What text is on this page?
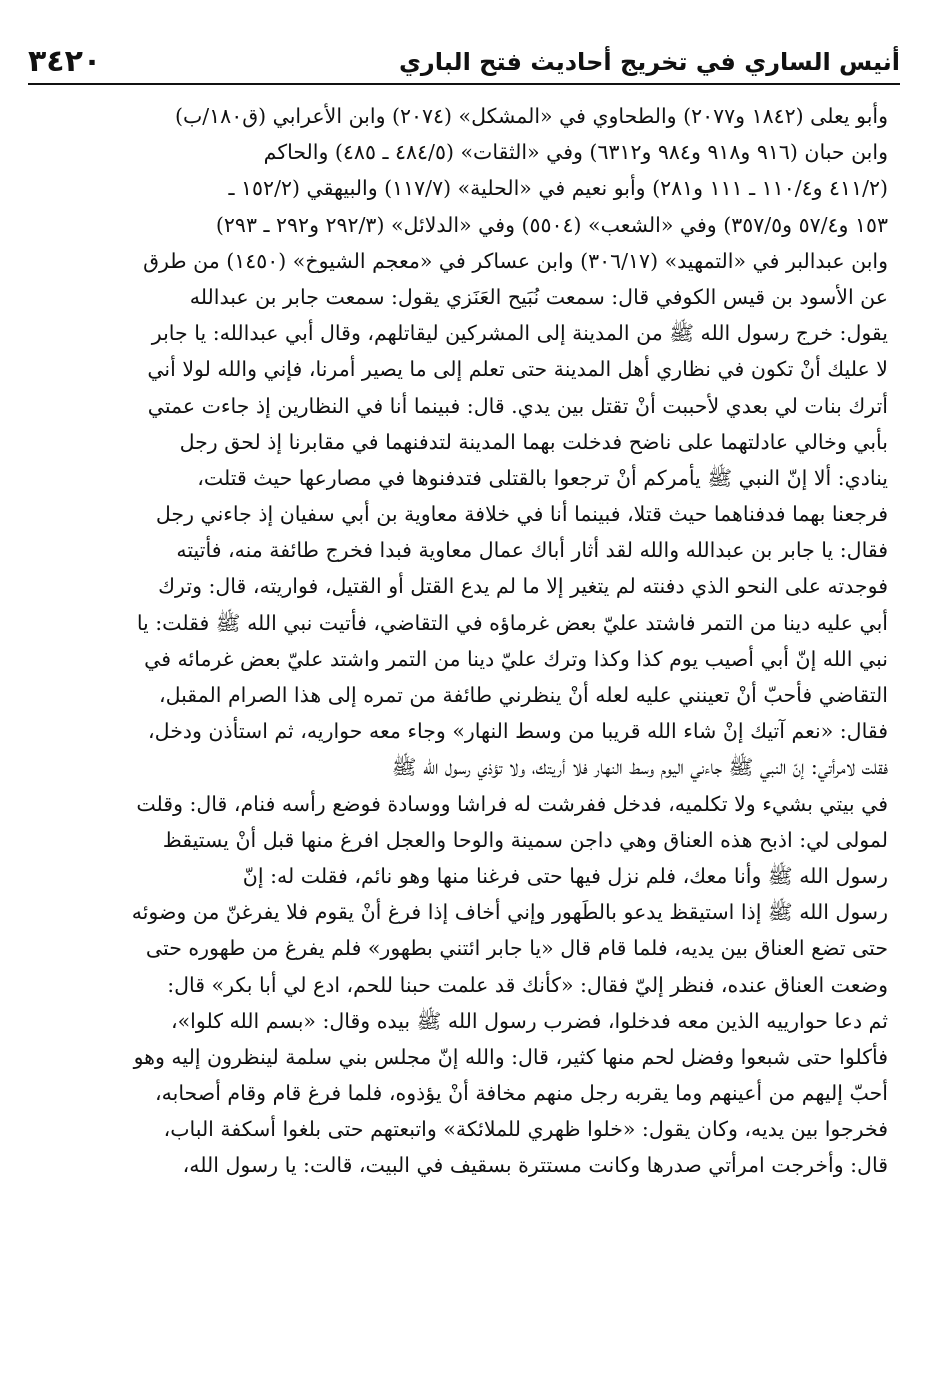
أنيس الساري في تخريج أحاديث فتح الباري
٣٤٢٠
وأبو يعلى (١٨٤٢ و٢٠٧٧) والطحاوي في «المشكل» (٢٠٧٤) وابن الأعرابي (ق١٨٠/ب)
وابن حبان (٩١٦ و٩١٨ و٩٨٤ و٦٣١٢) وفي «الثقات» (٤٨٤/٥ ـ ٤٨٥) والحاكم
(٤١١/٢ و١١٠/٤ ـ ١١١ و٢٨١) وأبو نعيم في «الحلية» (١١٧/٧) والبيهقي (١٥٢/٢ ـ
١٥٣ و٥٧/٤ و٣٥٧/٥) وفي «الشعب» (٥٥٠٤) وفي «الدلائل» (٢٩٢/٣ و٢٩٢ ـ ٢٩٣)
وابن عبدالبر في «التمهيد» (٣٠٦/١٧) وابن عساكر في «معجم الشيوخ» (١٤٥٠) من طرق
عن الأسود بن قيس الكوفي قال: سمعت نُبَيح العَنَزي يقول: سمعت جابر بن عبدالله
يقول: خرج رسول الله ﷺ من المدينة إلى المشركين ليقاتلهم، وقال أبي عبدالله: يا جابر
لا عليك أنْ تكون في نظاري أهل المدينة حتى تعلم إلى ما يصير أمرنا، فإني والله لولا أني
أترك بنات لي بعدي لأحببت أنْ تقتل بين يدي. قال: فبينما أنا في النظارين إذ جاءت عمتي
بأبي وخالي عادلتهما على ناضح فدخلت بهما المدينة لتدفنهما في مقابرنا إذ لحق رجل
ينادي: ألا إنّ النبي ﷺ يأمركم أنْ ترجعوا بالقتلى فتدفنوها في مصارعها حيث قتلت،
فرجعنا بهما فدفناهما حيث قتلا، فبينما أنا في خلافة معاوية بن أبي سفيان إذ جاءني رجل
فقال: يا جابر بن عبدالله والله لقد أثار أباك عمال معاوية فبدا فخرج طائفة منه، فأتيته
فوجدته على النحو الذي دفنته لم يتغير إلا ما لم يدع القتل أو القتيل، فواريته، قال: وترك
أبي عليه دينا من التمر فاشتد عليّ بعض غرماؤه في التقاضي، فأتيت نبي الله ﷺ فقلت: يا
نبي الله إنّ أبي أصيب يوم كذا وكذا وترك عليّ دينا من التمر واشتد عليّ بعض غرمائه في
التقاضي فأحبّ أنْ تعينني عليه لعله أنْ ينظرني طائفة من تمره إلى هذا الصرام المقبل،
فقال: «نعم آتيك إنْ شاء الله قريبا من وسط النهار» وجاء معه حواريه، ثم استأذن ودخل،
فقلت لامرأتي: إنّ النبي ﷺ جاءني اليوم وسط النهار فلا أريتك، ولا تؤذي رسول الله ﷺ
في بيتي بشيء ولا تكلميه، فدخل ففرشت له فراشا ووسادة فوضع رأسه فنام، قال: وقلت
لمولى لي: اذبح هذه العناق وهي داجن سمينة والوحا والعجل افرغ منها قبل أنْ يستيقظ
رسول الله ﷺ وأنا معك، فلم نزل فيها حتى فرغنا منها وهو نائم، فقلت له: إنّ
رسول الله ﷺ إذا استيقظ يدعو بالطَهور وإني أخاف إذا فرغ أنْ يقوم فلا يفرغنّ من وضوئه
حتى تضع العناق بين يديه، فلما قام قال «يا جابر ائتني بطهور» فلم يفرغ من طهوره حتى
وضعت العناق عنده، فنظر إليّ فقال: «كأنك قد علمت حبنا للحم، ادع لي أبا بكر» قال:
ثم دعا حوارييه الذين معه فدخلوا، فضرب رسول الله ﷺ بيده وقال: «بسم الله كلوا»،
فأكلوا حتى شبعوا وفضل لحم منها كثير، قال: والله إنّ مجلس بني سلمة لينظرون إليه وهو
أحبّ إليهم من أعينهم وما يقربه رجل منهم مخافة أنْ يؤذوه، فلما فرغ قام وقام أصحابه،
فخرجوا بين يديه، وكان يقول: «خلوا ظهري للملائكة» واتبعتهم حتى بلغوا أسكفة الباب،
قال: وأخرجت امرأتي صدرها وكانت مستترة بسقيف في البيت، قالت: يا رسول الله،
